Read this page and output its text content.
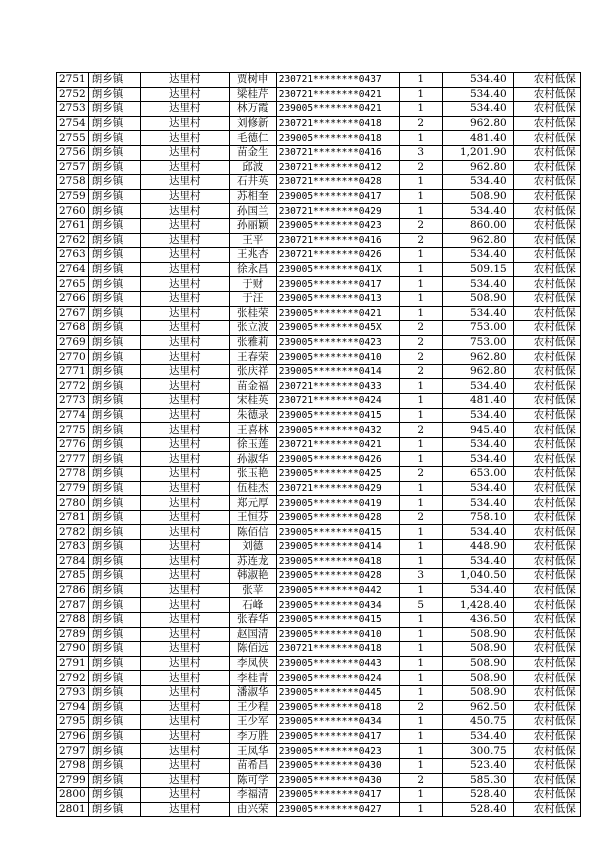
2751	朗乡镇	达里村	贾树申	230721********0437	1	534.40	农村低保
2752	朗乡镇	达里村	梁桂芹	230721********0421	1	534.40	农村低保
2753	朗乡镇	达里村	林万霞	239005********0421	1	534.40	农村低保
2754	朗乡镇	达里村	刘修新	230721********0418	2	962.80	农村低保
2755	朗乡镇	达里村	毛德仁	239005********0418	1	481.40	农村低保
2756	朗乡镇	达里村	苗金生	230721********0416	3	1,201.90	农村低保
2757	朗乡镇	达里村	邱波	230721********0412	2	962.80	农村低保
2758	朗乡镇	达里村	石井英	230721********0428	1	534.40	农村低保
2759	朗乡镇	达里村	苏相奎	239005********0417	1	508.90	农村低保
2760	朗乡镇	达里村	孙国兰	230721********0429	1	534.40	农村低保
2761	朗乡镇	达里村	孙丽颖	239005********0423	2	860.00	农村低保
2762	朗乡镇	达里村	王平	230721********0416	2	962.80	农村低保
2763	朗乡镇	达里村	王兆杏	230721********0426	1	534.40	农村低保
2764	朗乡镇	达里村	徐永昌	239005********041X	1	509.15	农村低保
2765	朗乡镇	达里村	于财	239005********0417	1	534.40	农村低保
2766	朗乡镇	达里村	于汪	239005********0413	1	508.90	农村低保
2767	朗乡镇	达里村	张桂荣	239005********0421	1	534.40	农村低保
2768	朗乡镇	达里村	张立波	239005********045X	2	753.00	农村低保
2769	朗乡镇	达里村	张雅莉	239005********0423	2	753.00	农村低保
2770	朗乡镇	达里村	王春荣	239005********0410	2	962.80	农村低保
2771	朗乡镇	达里村	张庆祥	239005********0414	2	962.80	农村低保
2772	朗乡镇	达里村	苗金福	230721********0433	1	534.40	农村低保
2773	朗乡镇	达里村	宋桂英	230721********0424	1	481.40	农村低保
2774	朗乡镇	达里村	朱德录	239005********0415	1	534.40	农村低保
2775	朗乡镇	达里村	王喜林	239005********0432	2	945.40	农村低保
2776	朗乡镇	达里村	徐玉莲	230721********0421	1	534.40	农村低保
2777	朗乡镇	达里村	孙淑华	239005********0426	1	534.40	农村低保
2778	朗乡镇	达里村	张玉艳	239005********0425	2	653.00	农村低保
2779	朗乡镇	达里村	伍桂杰	230721********0429	1	534.40	农村低保
2780	朗乡镇	达里村	郑元厚	239005********0419	1	534.40	农村低保
2781	朗乡镇	达里村	王恒芬	239005********0428	2	758.10	农村低保
2782	朗乡镇	达里村	陈佰信	239005********0415	1	534.40	农村低保
2783	朗乡镇	达里村	刘德	239005********0414	1	448.90	农村低保
2784	朗乡镇	达里村	苏连龙	239005********0418	1	534.40	农村低保
2785	朗乡镇	达里村	韩淑艳	239005********0428	3	1,040.50	农村低保
2786	朗乡镇	达里村	张苹	239005********0442	1	534.40	农村低保
2787	朗乡镇	达里村	石峰	239005********0434	5	1,428.40	农村低保
2788	朗乡镇	达里村	张春华	239005********0415	1	436.50	农村低保
2789	朗乡镇	达里村	赵国清	239005********0410	1	508.90	农村低保
2790	朗乡镇	达里村	陈佰远	230721********0418	1	508.90	农村低保
2791	朗乡镇	达里村	李凤侠	239005********0443	1	508.90	农村低保
2792	朗乡镇	达里村	李桂青	239005********0424	1	508.90	农村低保
2793	朗乡镇	达里村	潘淑华	239005********0445	1	508.90	农村低保
2794	朗乡镇	达里村	王少程	239005********0418	2	962.50	农村低保
2795	朗乡镇	达里村	王少军	239005********0434	1	450.75	农村低保
2796	朗乡镇	达里村	李万胜	239005********0417	1	534.40	农村低保
2797	朗乡镇	达里村	王凤华	239005********0423	1	300.75	农村低保
2798	朗乡镇	达里村	苗希昌	239005********0430	1	523.40	农村低保
2799	朗乡镇	达里村	陈可学	239005********0430	2	585.30	农村低保
2800	朗乡镇	达里村	李福清	239005********0417	1	528.40	农村低保
2801	朗乡镇	达里村	由兴荣	239005********0427	1	528.40	农村低保
